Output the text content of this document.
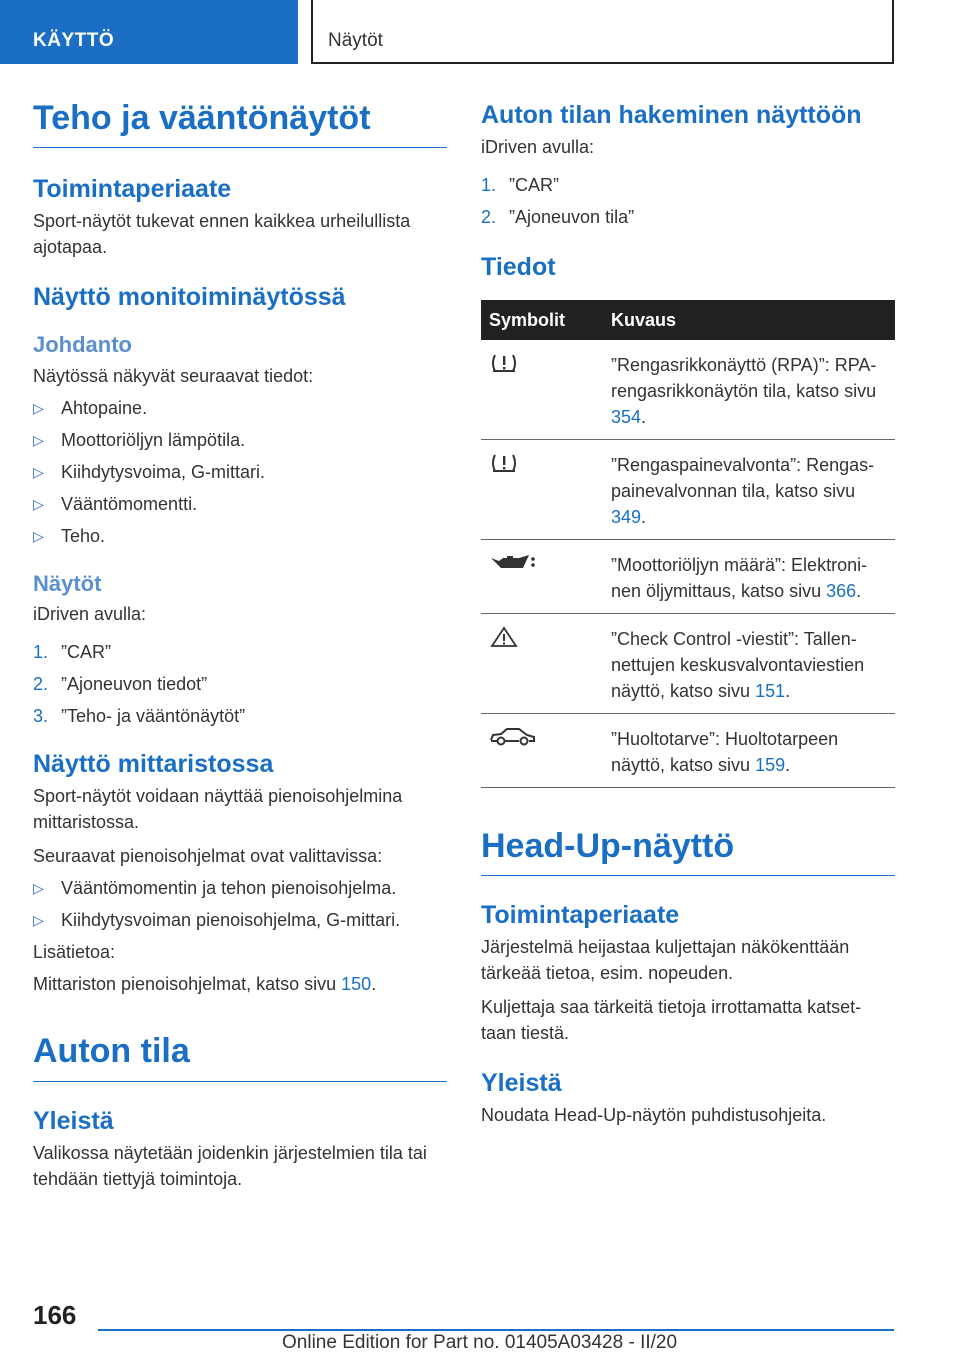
KÄYTTÖ	Näytöt
Teho ja vääntönäytöt
Toimintaperiaate

Sport-näytöt tukevat ennen kaikkea urheilullista ajotapaa.

Näyttö monitoiminäytössä
Johdanto

Näytössä näkyvät seuraavat tiedot:

▷ Ahtopaine.
▷ Moottoriöljyn lämpötila.
▷ Kiihdytysvoima, G-mittari.
▷ Vääntömomentti.
▷ Teho.
Näytöt

iDriven avulla:

1. ”CAR”
2. ”Ajoneuvon tiedot”
3. ”Teho- ja vääntönäytöt”
Näyttö mittaristossa

Sport-näytöt voidaan näyttää pienoisohjelmina mittaristossa.

Seuraavat pienoisohjelmat ovat valittavissa:

▷ Vääntömomentin ja tehon pienoisohjelma.
▷ Kiihdytysvoiman pienoisohjelma, G-mittari.

Lisätietoa:

Mittariston pienoisohjelmat, katso sivu 150.

Auton tila
Yleistä

Valikossa näytetään joidenkin järjestelmien tila tai tehdään tiettyjä toimintoja.

Auton tilan hakeminen näyttöön

iDriven avulla:

1. ”CAR”
2. ”Ajoneuvon tila”
Tiedot
Symbolit	Kuvaus
	”Rengasrikkonäyttö (RPA)”: RPA-rengasrikkonäytön tila, katso sivu 354.
	”Rengaspainevalvonta”: Rengas-painevalvonnan tila, katso sivu 349.
	”Moottoriöljyn määrä”: Elektroni-nen öljymittaus, katso sivu 366.
	”Check Control -viestit”: Tallen-nettujen keskusvalvontaviestien näyttö, katso sivu 151.
	”Huoltotarve”: Huoltotarpeen näyttö, katso sivu 159.
Head-Up-näyttö
Toimintaperiaate

Järjestelmä heijastaa kuljettajan näkökenttään tärkeää tietoa, esim. nopeuden.

Kuljettaja saa tärkeitä tietoja irrottamatta katset-taan tiestä.

Yleistä

Noudata Head-Up-näytön puhdistusohjeita.

166
Online Edition for Part no. 01405A03428 - II/20
